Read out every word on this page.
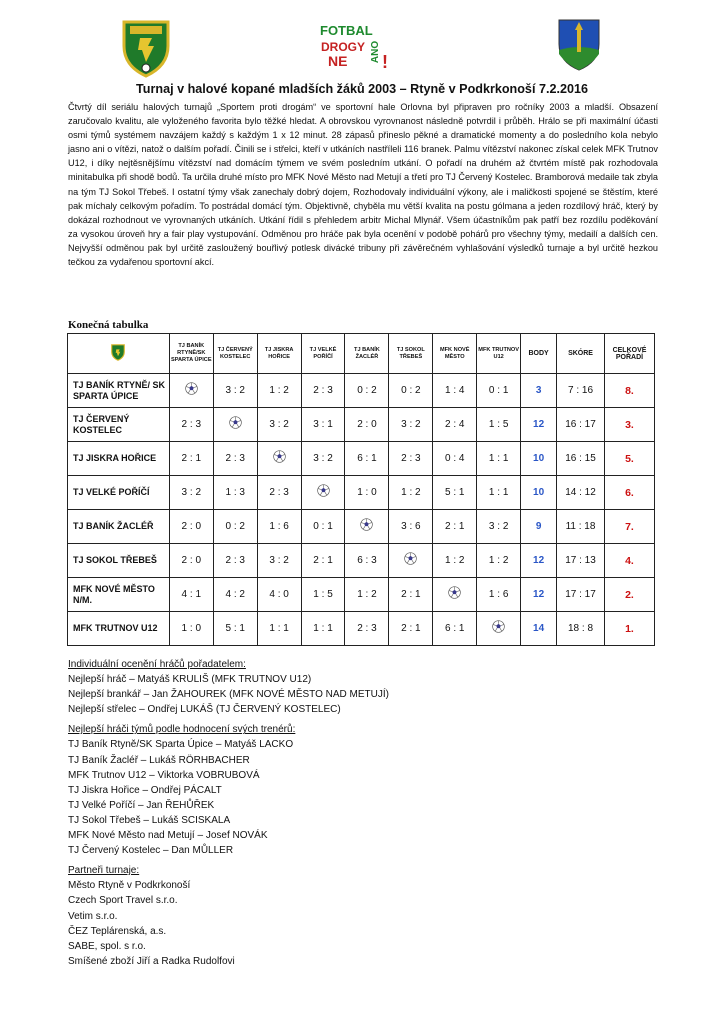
FOTBAL
DROGY
NE ANO !
Turnaj v halové kopané mladších žáků 2003 – Rtyně v Podkrkonoší 7.2.2016

Čtvrtý díl seriálu halových turnajů „Sportem proti drogám“ ve sportovní hale Orlovna byl připraven pro ročníky 2003 a mladší. Obsazení zaručovalo kvalitu, ale vyloženého favorita bylo těžké hledat. A obrovskou vyrovnanost následně potvrdil i průběh. Hrálo se při maximální účasti osmi týmů systémem navzájem každý s každým 1 x 12 minut. 28 zápasů přineslo pěkné a dramatické momenty a do posledního kola nebylo jasno ani o vítězi, natož o dalším pořadí. Činili se i střelci, kteří v utkáních nastříleli 116 branek. Palmu vítězství nakonec získal celek MFK Trutnov U12, i díky nejtěsnějšímu vítězství nad domácím týmem ve svém posledním utkání. O pořadí na druhém až čtvrtém místě pak rozhodovala minitabulka při shodě bodů. Ta určila druhé místo pro MFK Nové Město nad Metují a třetí pro TJ Červený Kostelec. Bramborová medaile tak zbyla na tým TJ Sokol Třebeš. I ostatní týmy však zanechaly dobrý dojem, Rozhodovaly individuální výkony, ale i maličkosti spojené se štěstím, které pak míchaly celkovým pořadím. To postrádal domácí tým. Objektivně, chyběla mu větší kvalita na postu gólmana a jeden rozdílový hráč, který by dokázal rozhodnout ve vyrovnaných utkáních. Utkání řídil s přehledem arbitr Michal Mlynář. Všem účastníkům pak patří bez rozdílu poděkování za vysokou úroveň hry a fair play vystupování. Odměnou pro hráče pak byla ocenění v podobě pohárů pro všechny týmy, medailí a dalších cen. Nejvyšší odměnou pak byl určitě zasloužený bouřlivý potlesk divácké tribuny při závěrečném vyhlašování výsledků turnaje a byl určitě hezkou tečkou za vydařenou sportovní akcí.

Konečná tabulka

	TJ BANÍK RTYNĚ/SK SPARTA ÚPICE	TJ ČERVENÝ KOSTELEC	TJ JISKRA HOŘICE	TJ VELKÉ POŘÍČÍ	TJ BANÍK ŽACLÉŘ	TJ SOKOL TŘEBEŠ	MFK NOVÉ MĚSTO	MFK TRUTNOV U12	BODY	SKÓRE	CELKOVÉ POŘADÍ
TJ BANÍK RTYNĚ/ SK SPARTA ÚPICE		3 : 2	1 : 2	2 : 3	0 : 2	0 : 2	1 : 4	0 : 1	3	7 : 16	8.
TJ ČERVENÝ KOSTELEC	2 : 3		3 : 2	3 : 1	2 : 0	3 : 2	2 : 4	1 : 5	12	16 : 17	3.
TJ JISKRA HOŘICE	2 : 1	2 : 3		3 : 2	6 : 1	2 : 3	0 : 4	1 : 1	10	16 : 15	5.
TJ VELKÉ POŘÍČÍ	3 : 2	1 : 3	2 : 3		1 : 0	1 : 2	5 : 1	1 : 1	10	14 : 12	6.
TJ BANÍK ŽACLÉŘ	2 : 0	0 : 2	1 : 6	0 : 1		3 : 6	2 : 1	3 : 2	9	11 : 18	7.
TJ SOKOL TŘEBEŠ	2 : 0	2 : 3	3 : 2	2 : 1	6 : 3		1 : 2	1 : 2	12	17 : 13	4.
MFK NOVÉ MĚSTO N/M.	4 : 1	4 : 2	4 : 0	1 : 5	1 : 2	2 : 1		1 : 6	12	17 : 17	2.
MFK TRUTNOV U12	1 : 0	5 : 1	1 : 1	1 : 1	2 : 3	2 : 1	6 : 1		14	18 : 8	1.
Individuální ocenění hráčů pořadatelem:
Nejlepší hráč – Matyáš KRULIŠ (MFK TRUTNOV U12)
Nejlepší brankář – Jan ŽAHOUREK (MFK NOVÉ MĚSTO NAD METUJÍ)
Nejlepší střelec – Ondřej LUKÁŠ (TJ ČERVENÝ KOSTELEC)
Nejlepší hráči týmů podle hodnocení svých trenérů:
TJ Baník Rtyně/SK Sparta Úpice – Matyáš LACKO
TJ Baník Žacléř – Lukáš RÖRHBACHER
MFK Trutnov U12 – Viktorka VOBRUBOVÁ
TJ Jiskra Hořice – Ondřej PÁCALT
TJ Velké Poříčí – Jan ŘEHŮŘEK
TJ Sokol Třebeš – Lukáš SCISKALA
MFK Nové Město nad Metují – Josef NOVÁK
TJ Červený Kostelec – Dan MŮLLER
Partneři turnaje:
Město Rtyně v Podkrkonoší
Czech Sport Travel s.r.o.
Vetim s.r.o.
ČEZ Teplárenská, a.s.
SABE, spol. s r.o.
Smíšené zboží Jiří a Radka Rudolfovi
